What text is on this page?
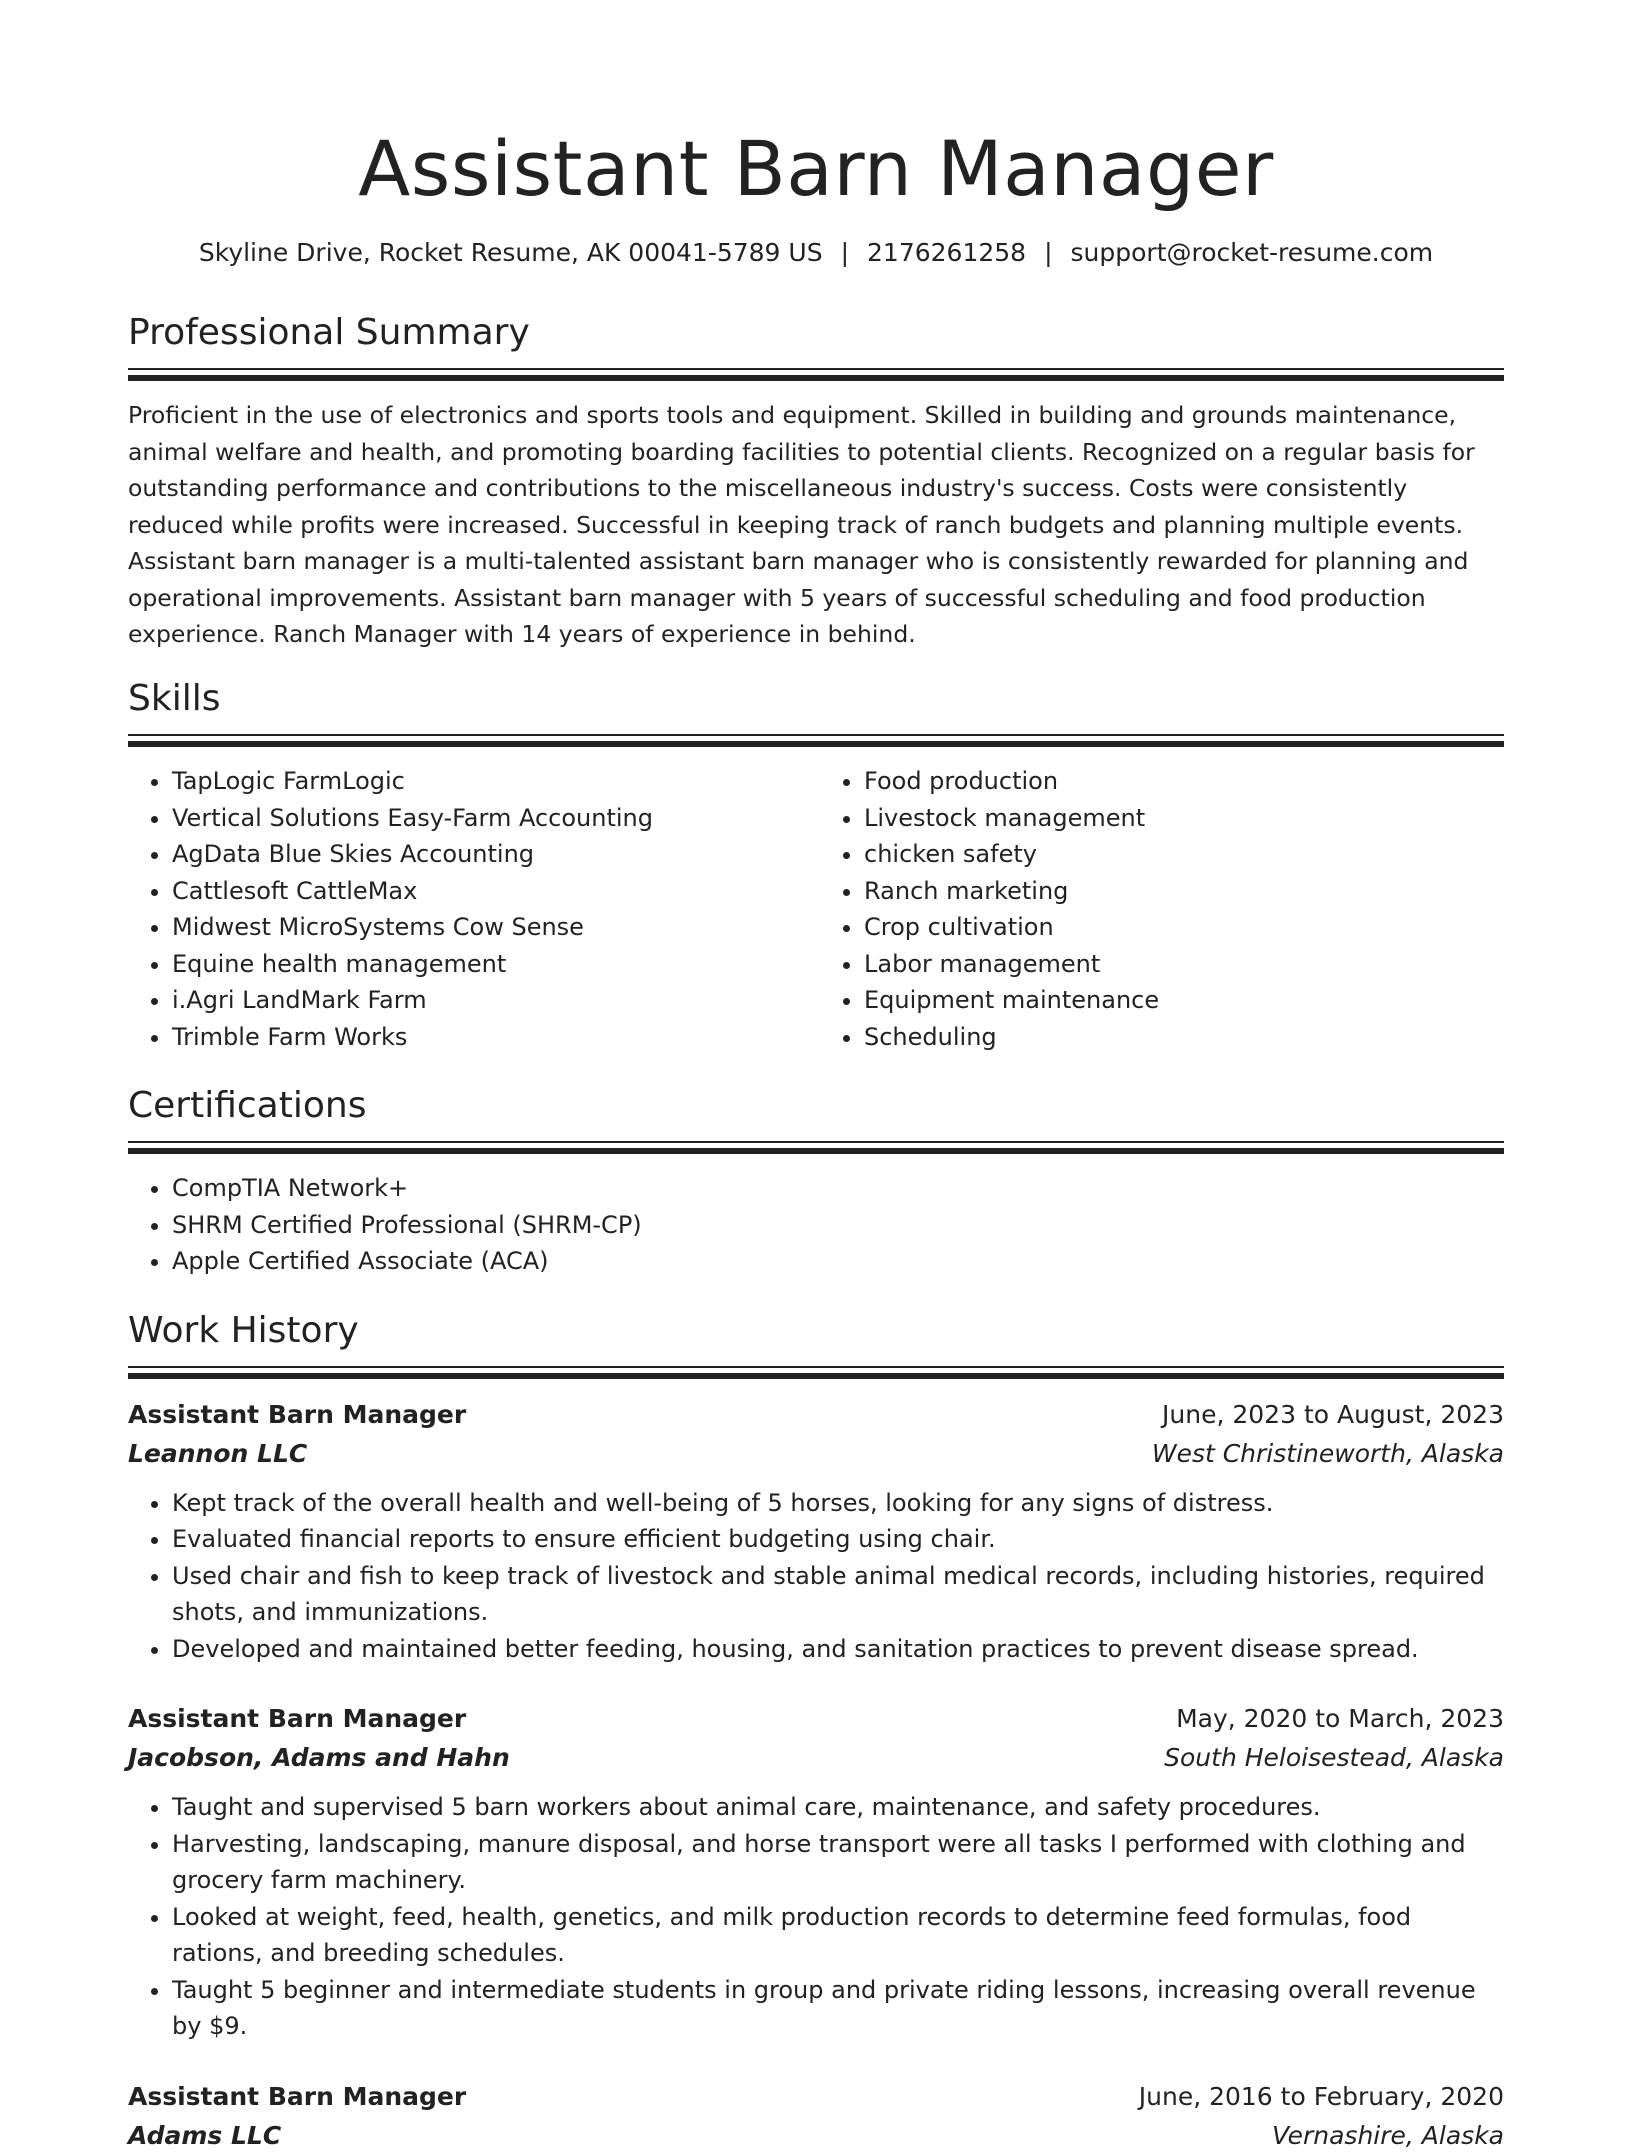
Assistant Barn Manager
Skyline Drive, Rocket Resume, AK 00041-5789 US | 2176261258 | support@rocket-resume.com
Professional Summary

Proficient in the use of electronics and sports tools and equipment. Skilled in building and grounds maintenance, animal welfare and health, and promoting boarding facilities to potential clients. Recognized on a regular basis for outstanding performance and contributions to the miscellaneous industry's success. Costs were consistently reduced while profits were increased. Successful in keeping track of ranch budgets and planning multiple events. Assistant barn manager is a multi-talented assistant barn manager who is consistently rewarded for planning and operational improvements. Assistant barn manager with 5 years of successful scheduling and food production experience. Ranch Manager with 14 years of experience in behind.

Skills
• TapLogic FarmLogic
• Vertical Solutions Easy-Farm Accounting
• AgData Blue Skies Accounting
• Cattlesoft CattleMax
• Midwest MicroSystems Cow Sense
• Equine health management
• i.Agri LandMark Farm
• Trimble Farm Works
• Food production
• Livestock management
• chicken safety
• Ranch marketing
• Crop cultivation
• Labor management
• Equipment maintenance
• Scheduling
Certifications
• CompTIA Network+
• SHRM Certified Professional (SHRM-CP)
• Apple Certified Associate (ACA)
Work History
Assistant Barn Manager	June, 2023 to August, 2023
Leannon LLC	West Christineworth, Alaska
• Kept track of the overall health and well-being of 5 horses, looking for any signs of distress.
• Evaluated financial reports to ensure efficient budgeting using chair.
• Used chair and fish to keep track of livestock and stable animal medical records, including histories, required shots, and immunizations.
• Developed and maintained better feeding, housing, and sanitation practices to prevent disease spread.
Assistant Barn Manager	May, 2020 to March, 2023
Jacobson, Adams and Hahn	South Heloisestead, Alaska
• Taught and supervised 5 barn workers about animal care, maintenance, and safety procedures.
• Harvesting, landscaping, manure disposal, and horse transport were all tasks I performed with clothing and grocery farm machinery.
• Looked at weight, feed, health, genetics, and milk production records to determine feed formulas, food rations, and breeding schedules.
• Taught 5 beginner and intermediate students in group and private riding lessons, increasing overall revenue by $9.
Assistant Barn Manager	June, 2016 to February, 2020
Adams LLC	Vernashire, Alaska
